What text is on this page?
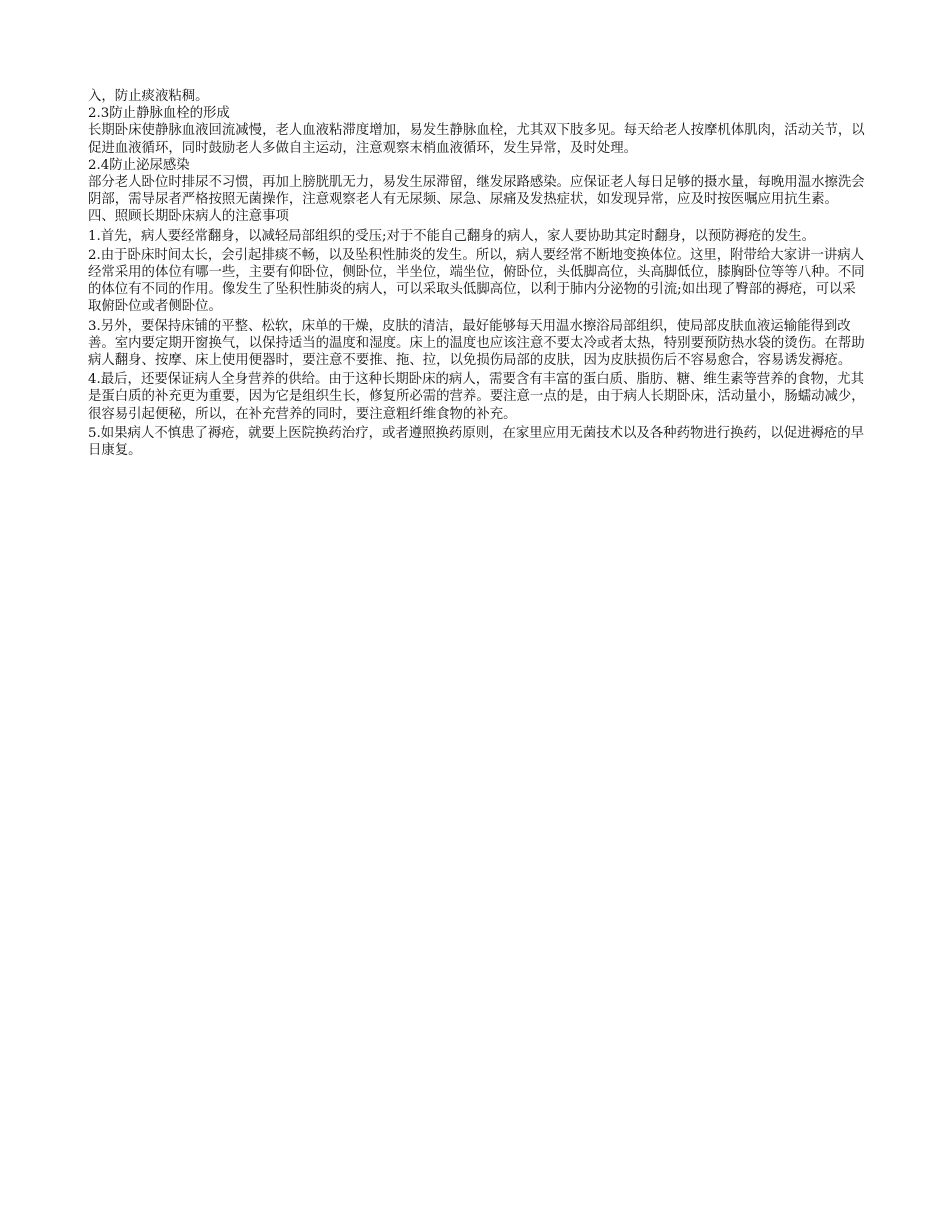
入，防止痰液粘稠。

2.3防止静脉血栓的形成

长期卧床使静脉血液回流减慢，老人血液粘滞度增加，易发生静脉血栓，尤其双下肢多见。每天给老人按摩机体肌肉，活动关节，以促进血液循环，同时鼓励老人多做自主运动，注意观察末梢血液循环，发生异常，及时处理。

2.4防止泌尿感染

部分老人卧位时排尿不习惯，再加上膀胱肌无力，易发生尿滞留，继发尿路感染。应保证老人每日足够的摄水量，每晚用温水擦洗会阴部，需导尿者严格按照无菌操作，注意观察老人有无尿频、尿急、尿痛及发热症状，如发现异常，应及时按医嘱应用抗生素。

四、照顾长期卧床病人的注意事项

1.首先，病人要经常翻身，以减轻局部组织的受压;对于不能自己翻身的病人，家人要协助其定时翻身，以预防褥疮的发生。

2.由于卧床时间太长，会引起排痰不畅，以及坠积性肺炎的发生。所以，病人要经常不断地变换体位。这里，附带给大家讲一讲病人经常采用的体位有哪一些，主要有仰卧位，侧卧位，半坐位，端坐位，俯卧位，头低脚高位，头高脚低位，膝胸卧位等等八种。不同的体位有不同的作用。像发生了坠积性肺炎的病人，可以采取头低脚高位，以利于肺内分泌物的引流;如出现了臀部的褥疮，可以采取俯卧位或者侧卧位。

3.另外，要保持床铺的平整、松软，床单的干燥，皮肤的清洁，最好能够每天用温水擦浴局部组织，使局部皮肤血液运输能得到改善。室内要定期开窗换气，以保持适当的温度和湿度。床上的温度也应该注意不要太冷或者太热，特别要预防热水袋的烫伤。在帮助病人翻身、按摩、床上使用便器时，要注意不要推、拖、拉，以免损伤局部的皮肤，因为皮肤损伤后不容易愈合，容易诱发褥疮。

4.最后，还要保证病人全身营养的供给。由于这种长期卧床的病人，需要含有丰富的蛋白质、脂肪、糖、维生素等营养的食物，尤其是蛋白质的补充更为重要，因为它是组织生长，修复所必需的营养。要注意一点的是，由于病人长期卧床，活动量小，肠蠕动减少，很容易引起便秘，所以，在补充营养的同时，要注意粗纤维食物的补充。

5.如果病人不慎患了褥疮，就要上医院换药治疗，或者遵照换药原则，在家里应用无菌技术以及各种药物进行换药，以促进褥疮的早日康复。
